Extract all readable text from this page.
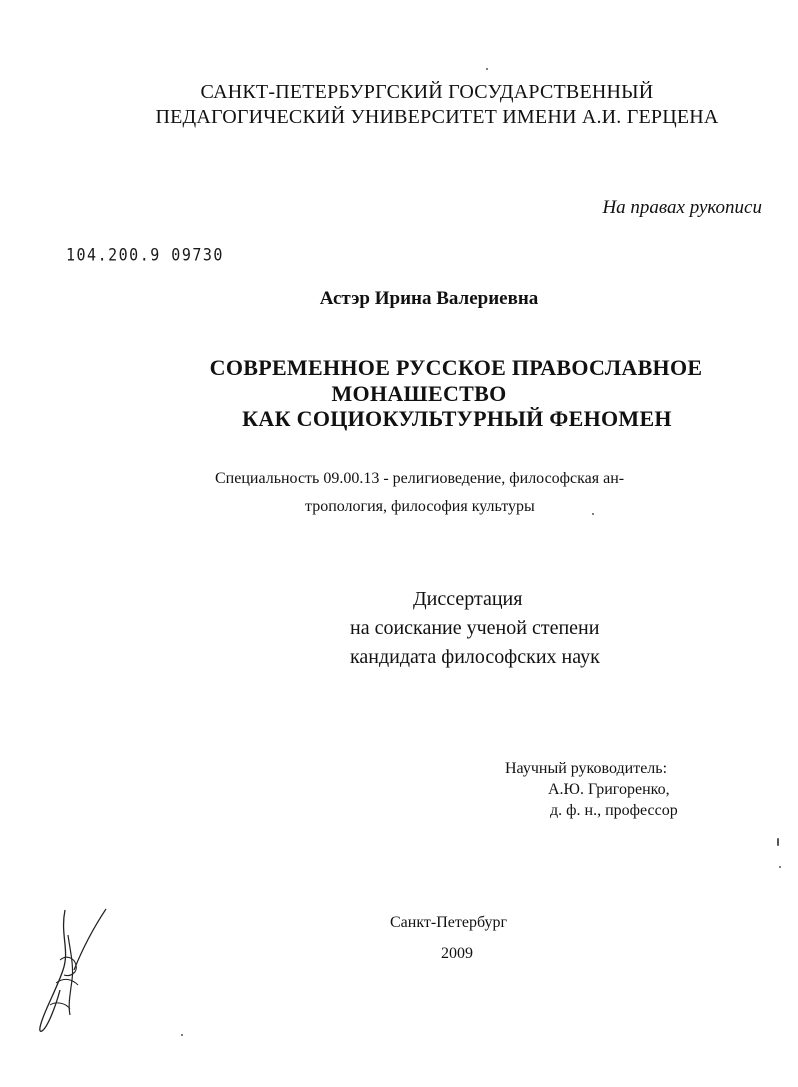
САНКТ-ПЕТЕРБУРГСКИЙ ГОСУДАРСТВЕННЫЙ
ПЕДАГОГИЧЕСКИЙ УНИВЕРСИТЕТ ИМЕНИ А.И. ГЕРЦЕНА
На правах рукописи
104.200.9 09730
Астэр Ирина Валериевна
СОВРЕМЕННОЕ РУССКОЕ ПРАВОСЛАВНОЕ
МОНАШЕСТВО
КАК СОЦИОКУЛЬТУРНЫЙ ФЕНОМЕН
Специальность 09.00.13 - религиоведение, философская ан-
тропология, философия культуры
Диссертация
на соискание ученой степени
кандидата философских наук
Научный руководитель:
А.Ю. Григоренко,
д. ф. н., профессор
Санкт-Петербург
2009
